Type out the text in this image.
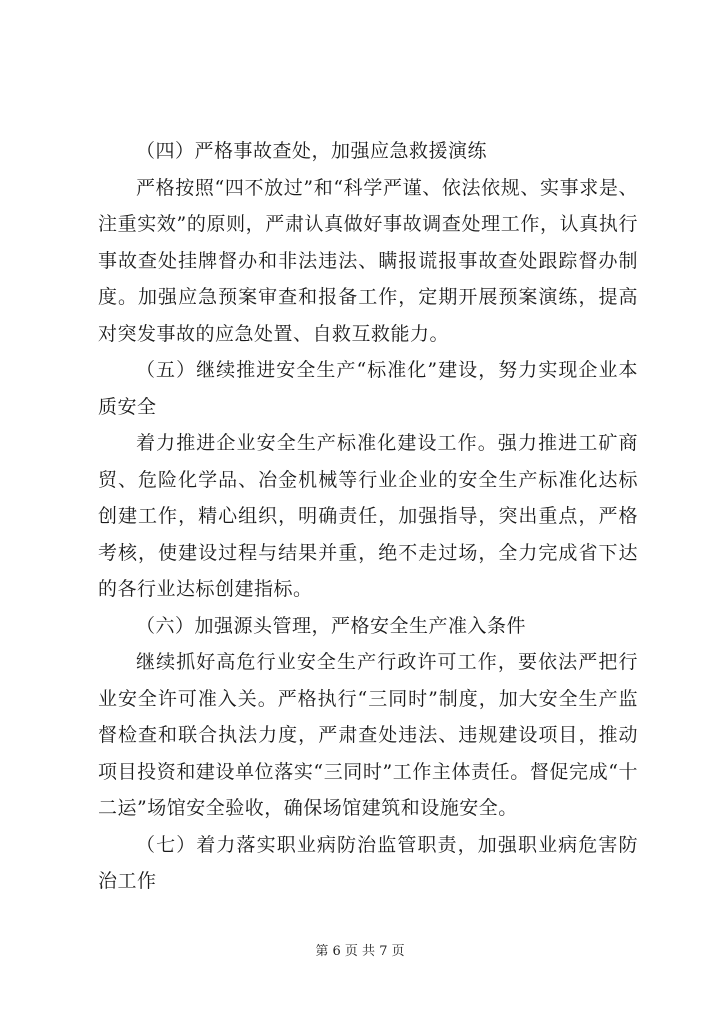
（四）严格事故查处，加强应急救援演练

严格按照“四不放过”和“科学严谨、依法依规、实事求是、注重实效”的原则，严肃认真做好事故调查处理工作，认真执行事故查处挂牌督办和非法违法、瞒报谎报事故查处跟踪督办制度。加强应急预案审查和报备工作，定期开展预案演练，提高对突发事故的应急处置、自救互救能力。

（五）继续推进安全生产“标准化”建设，努力实现企业本质安全

着力推进企业安全生产标准化建设工作。强力推进工矿商贸、危险化学品、冶金机械等行业企业的安全生产标准化达标创建工作，精心组织，明确责任，加强指导，突出重点，严格考核，使建设过程与结果并重，绝不走过场，全力完成省下达的各行业达标创建指标。

（六）加强源头管理，严格安全生产准入条件

继续抓好高危行业安全生产行政许可工作，要依法严把行业安全许可准入关。严格执行“三同时”制度，加大安全生产监督检查和联合执法力度，严肃查处违法、违规建设项目，推动项目投资和建设单位落实“三同时”工作主体责任。督促完成“十二运”场馆安全验收，确保场馆建筑和设施安全。

（七）着力落实职业病防治监管职责，加强职业病危害防治工作

第 6 页 共 7 页
